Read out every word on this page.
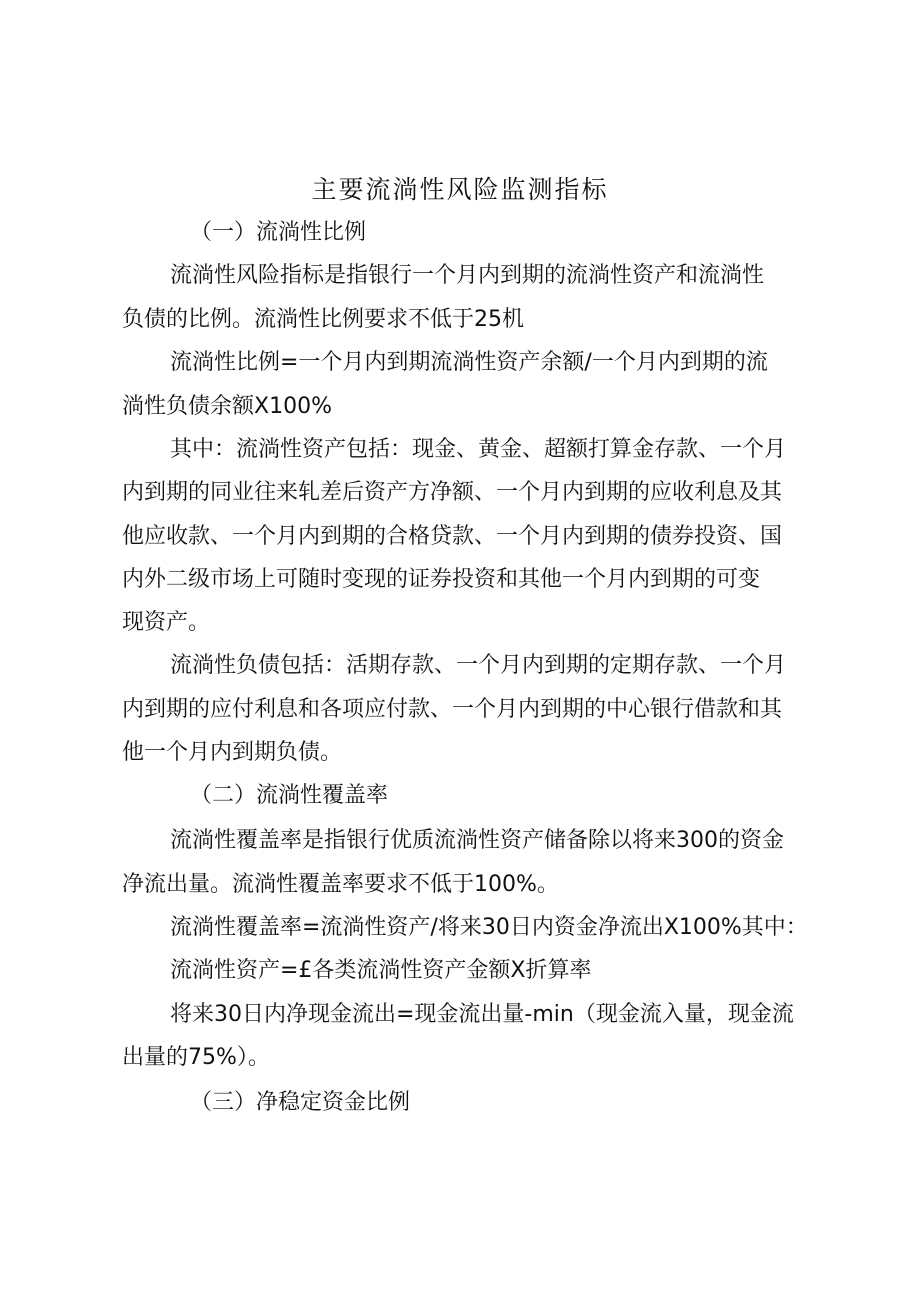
主要流淌性风险监测指标

（一）流淌性比例

流淌性风险指标是指银行一个月内到期的流淌性资产和流淌性

负债的比例。流淌性比例要求不低于25机

流淌性比例=一个月内到期流淌性资产余额/一个月内到期的流

淌性负债余额X100%

其中：流淌性资产包括：现金、黄金、超额打算金存款、一个月

内到期的同业往来轧差后资产方净额、一个月内到期的应收利息及其

他应收款、一个月内到期的合格贷款、一个月内到期的债券投资、国

内外二级市场上可随时变现的证券投资和其他一个月内到期的可变

现资产。

流淌性负债包括：活期存款、一个月内到期的定期存款、一个月

内到期的应付利息和各项应付款、一个月内到期的中心银行借款和其

他一个月内到期负债。

（二）流淌性覆盖率

流淌性覆盖率是指银行优质流淌性资产储备除以将来300的资金

净流出量。流淌性覆盖率要求不低于100%。

流淌性覆盖率=流淌性资产/将来30日内资金净流出X100%其中：

流淌性资产=£各类流淌性资产金额X折算率

将来30日内净现金流出=现金流出量-min（现金流入量，现金流

出量的75%）。

（三）净稳定资金比例
